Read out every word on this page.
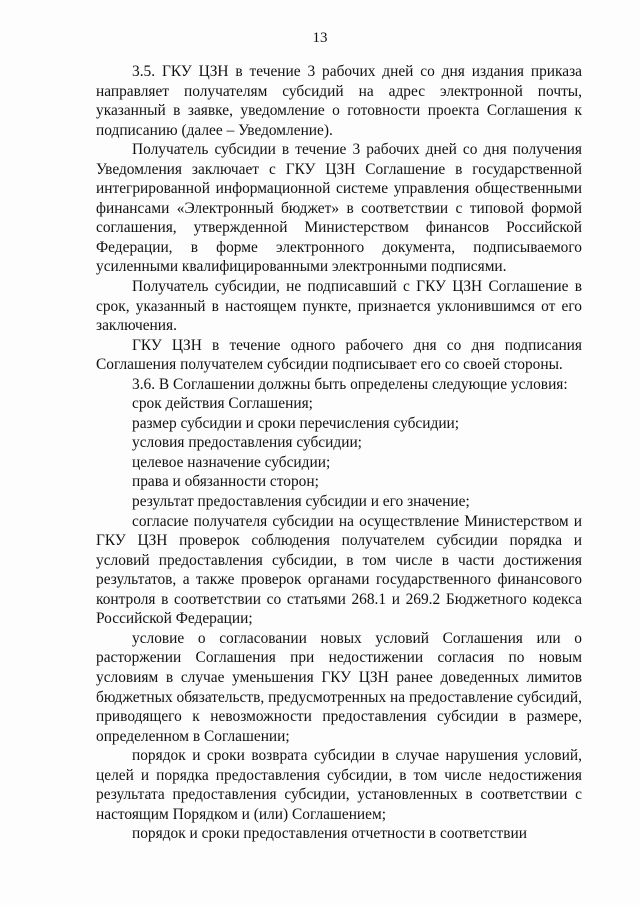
13

3.5. ГКУ ЦЗН в течение 3 рабочих дней со дня издания приказа направляет получателям субсидий на адрес электронной почты, указанный в заявке, уведомление о готовности проекта Соглашения к подписанию (далее – Уведомление).

Получатель субсидии в течение 3 рабочих дней со дня получения Уведомления заключает с ГКУ ЦЗН Соглашение в государственной интегрированной информационной системе управления общественными финансами «Электронный бюджет» в соответствии с типовой формой соглашения, утвержденной Министерством финансов Российской Федерации, в форме электронного документа, подписываемого усиленными квалифицированными электронными подписями.

Получатель субсидии, не подписавший с ГКУ ЦЗН Соглашение в срок, указанный в настоящем пункте, признается уклонившимся от его заключения.

ГКУ ЦЗН в течение одного рабочего дня со дня подписания Соглашения получателем субсидии подписывает его со своей стороны.

3.6. В Соглашении должны быть определены следующие условия:

срок действия Соглашения;

размер субсидии и сроки перечисления субсидии;

условия предоставления субсидии;

целевое назначение субсидии;

права и обязанности сторон;

результат предоставления субсидии и его значение;

согласие получателя субсидии на осуществление Министерством и ГКУ ЦЗН проверок соблюдения получателем субсидии порядка и условий предоставления субсидии, в том числе в части достижения результатов, а также проверок органами государственного финансового контроля в соответствии со статьями 268.1 и 269.2 Бюджетного кодекса Российской Федерации;

условие о согласовании новых условий Соглашения или о расторжении Соглашения при недостижении согласия по новым условиям в случае уменьшения ГКУ ЦЗН ранее доведенных лимитов бюджетных обязательств, предусмотренных на предоставление субсидий, приводящего к невозможности предоставления субсидии в размере, определенном в Соглашении;

порядок и сроки возврата субсидии в случае нарушения условий, целей и порядка предоставления субсидии, в том числе недостижения результата предоставления субсидии, установленных в соответствии с настоящим Порядком и (или) Соглашением;

порядок и сроки предоставления отчетности в соответствии
